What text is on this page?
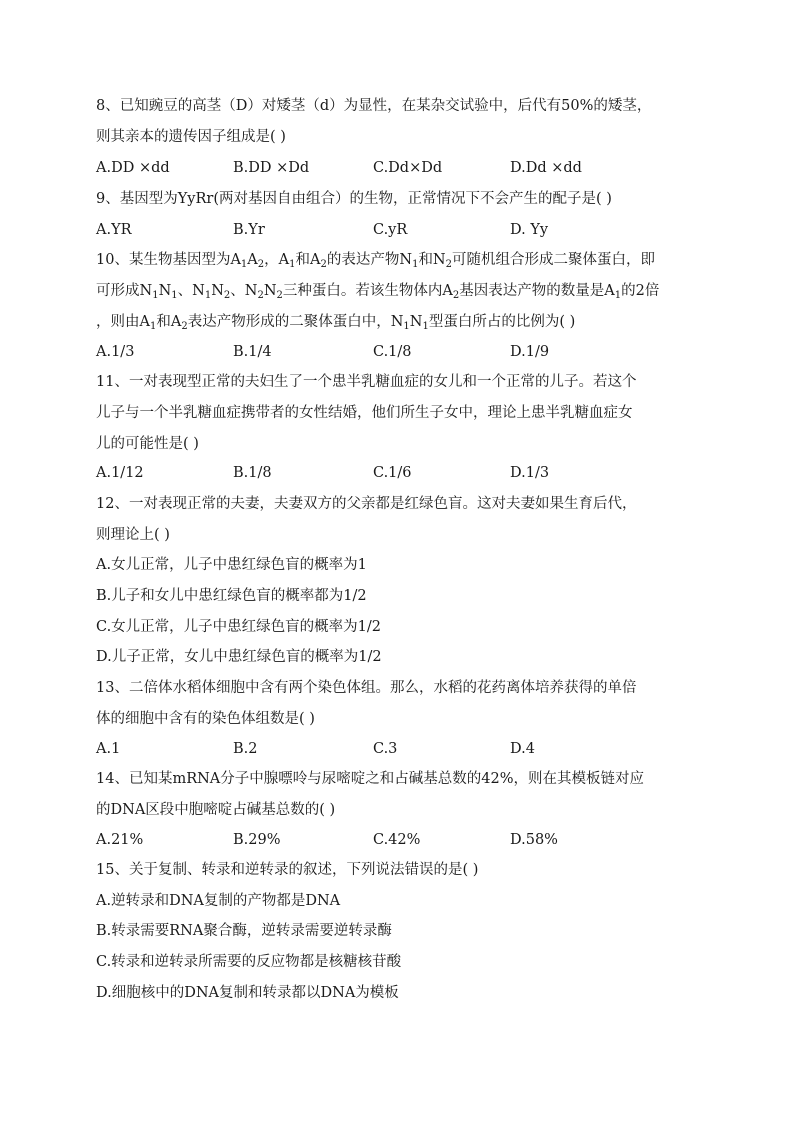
8、已知豌豆的高茎（D）对矮茎（d）为显性，在某杂交试验中，后代有50%的矮茎，
则其亲本的遗传因子组成是( )
A.DD ×dd	B.DD ×Dd	C.Dd×Dd	D.Dd ×dd
9、基因型为YyRr(两对基因自由组合）的生物，正常情况下不会产生的配子是( )
A.YR	B.Yr	C.yR	D. Yy
10、某生物基因型为$A_1A_2$，$A_1$和$A_2$的表达产物$N_1$和$N_2$可随机组合形成二聚体蛋白，即
可形成$N_1N_1$、$N_1N_2$、$N_2N_2$三种蛋白。若该生物体内$A_2$基因表达产物的数量是$A_1$的2倍
，则由$A_1$和$A_2$表达产物形成的二聚体蛋白中，$N_1N_1$型蛋白所占的比例为( )
A.1/3	B.1/4	C.1/8	D.1/9
11、一对表现型正常的夫妇生了一个患半乳糖血症的女儿和一个正常的儿子。若这个
儿子与一个半乳糖血症携带者的女性结婚，他们所生子女中，理论上患半乳糖血症女
儿的可能性是( )
A.1/12	B.1/8	C.1/6	D.1/3
12、一对表现正常的夫妻，夫妻双方的父亲都是红绿色盲。这对夫妻如果生育后代，
则理论上( )
A.女儿正常，儿子中患红绿色盲的概率为1
B.儿子和女儿中患红绿色盲的概率都为1/2
C.女儿正常，儿子中患红绿色盲的概率为1/2
D.儿子正常，女儿中患红绿色盲的概率为1/2
13、二倍体水稻体细胞中含有两个染色体组。那么，水稻的花药离体培养获得的单倍
体的细胞中含有的染色体组数是( )
A.1	B.2	C.3	D.4
14、已知某mRNA分子中腺嘌呤与尿嘧啶之和占碱基总数的42%，则在其模板链对应
的DNA区段中胞嘧啶占碱基总数的( )
A.21%	B.29%	C.42%	D.58%
15、关于复制、转录和逆转录的叙述，下列说法错误的是( )
A.逆转录和DNA复制的产物都是DNA
B.转录需要RNA聚合酶，逆转录需要逆转录酶
C.转录和逆转录所需要的反应物都是核糖核苷酸
D.细胞核中的DNA复制和转录都以DNA为模板
